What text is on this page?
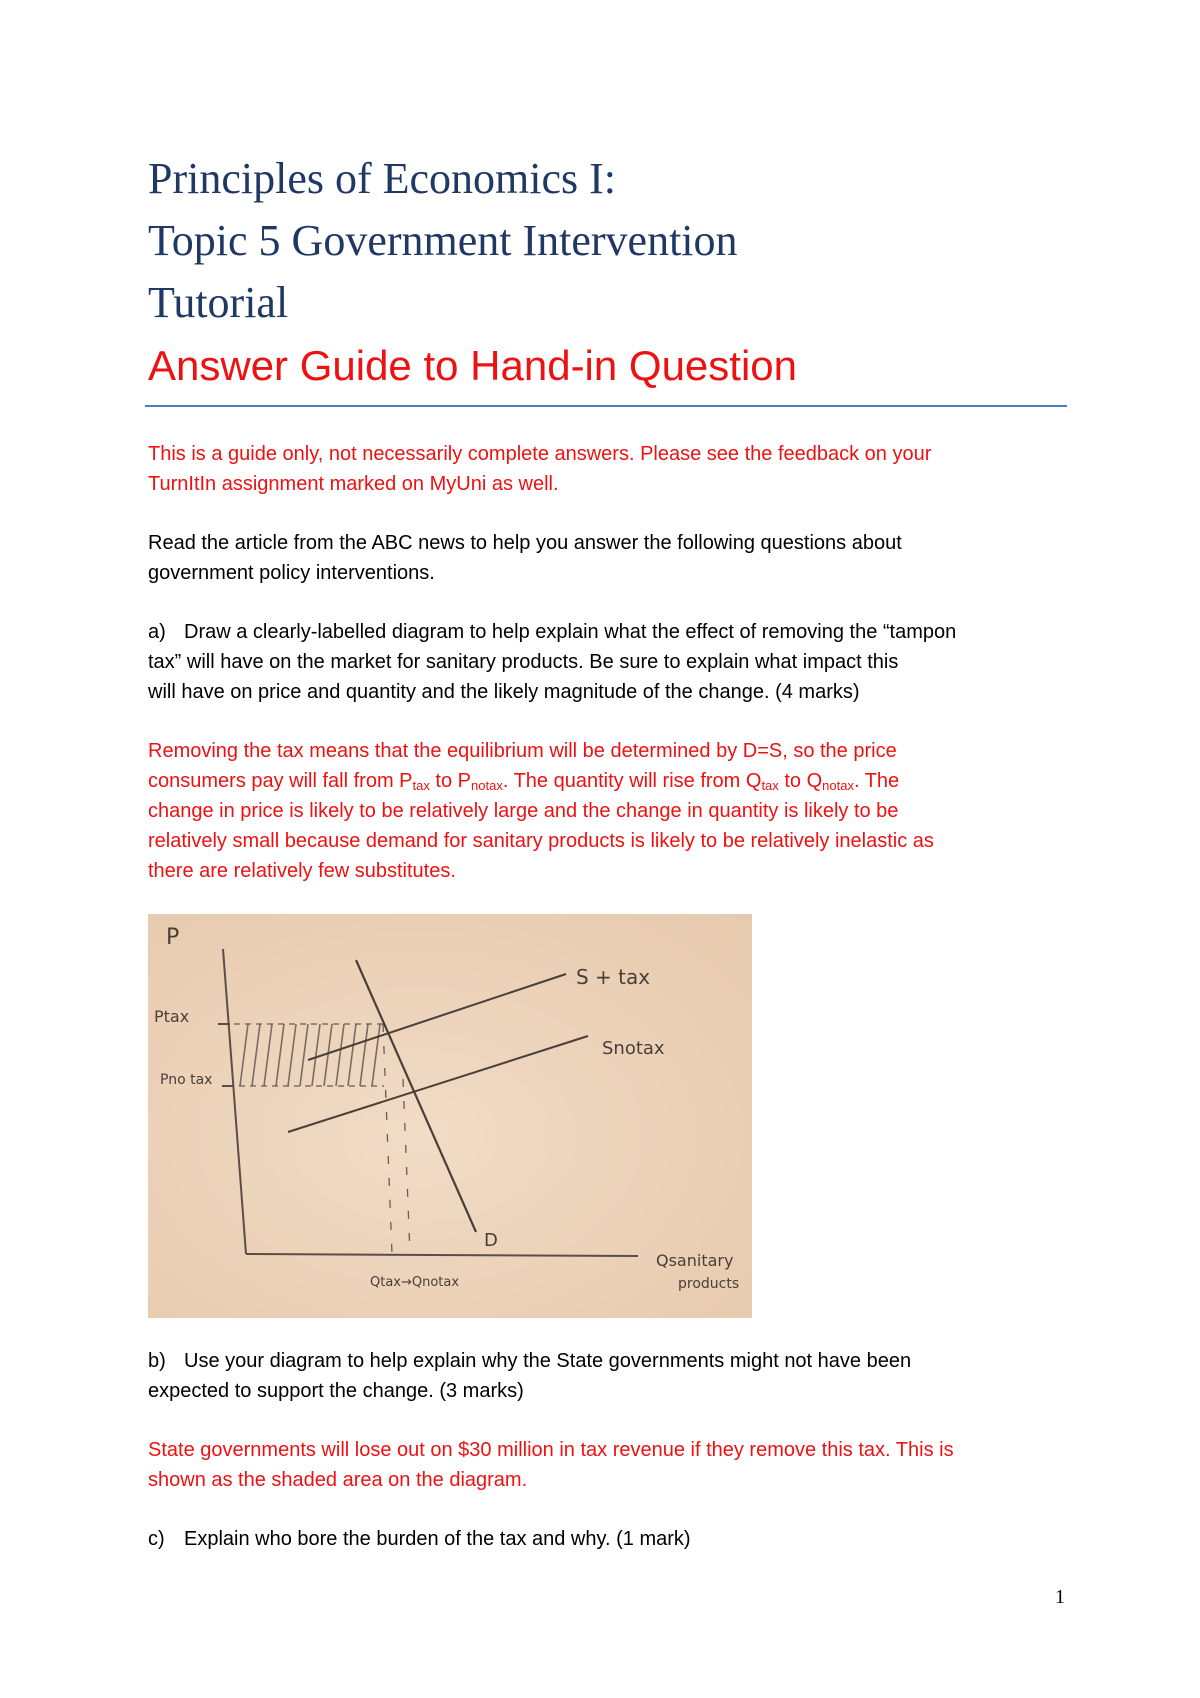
Principles of Economics I:
Topic 5 Government Intervention
Tutorial
Answer Guide to Hand-in Question
This is a guide only, not necessarily complete answers. Please see the feedback on your
TurnItIn assignment marked on MyUni as well.
Read the article from the ABC news to help you answer the following questions about
government policy interventions.
a) Draw a clearly-labelled diagram to help explain what the effect of removing the “tampon
tax” will have on the market for sanitary products. Be sure to explain what impact this
will have on price and quantity and the likely magnitude of the change. (4 marks)
Removing the tax means that the equilibrium will be determined by D=S, so the price
consumers pay will fall from $P_{tax}$ to $P_{notax}$. The quantity will rise from $Q_{tax}$ to $Q_{notax}$. The
change in price is likely to be relatively large and the change in quantity is likely to be
relatively small because demand for sanitary products is likely to be relatively inelastic as
there are relatively few substitutes.
P
Ptax
Pno tax
S + tax
Snotax
D
Qtax→Qnotax
Qsanitary
products
b) Use your diagram to help explain why the State governments might not have been
expected to support the change. (3 marks)
State governments will lose out on $30 million in tax revenue if they remove this tax. This is
shown as the shaded area on the diagram.
c) Explain who bore the burden of the tax and why. (1 mark)
1
